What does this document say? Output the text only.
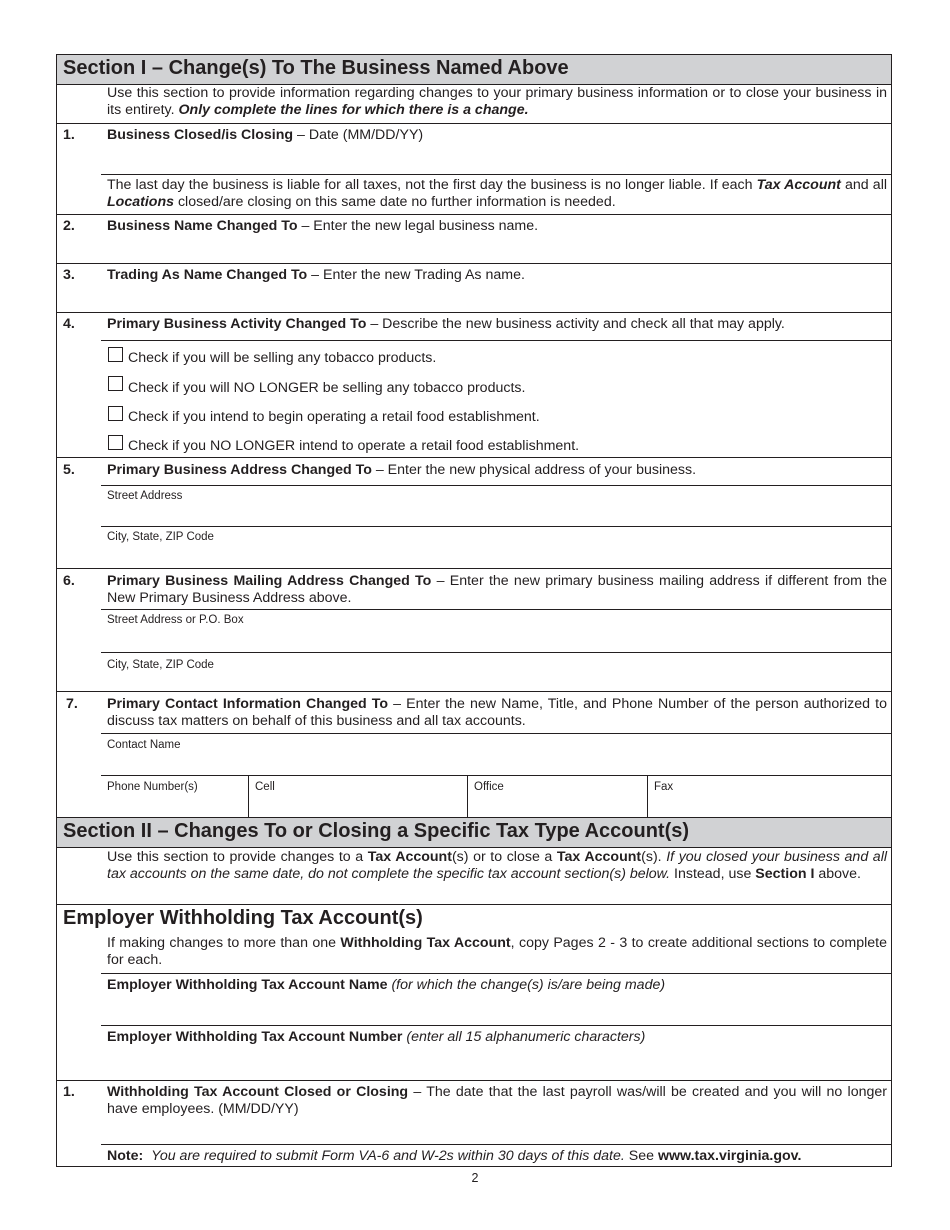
Section I – Change(s) To The Business Named Above
Use this section to provide information regarding changes to your primary business information or to close your business in its entirety. Only complete the lines for which there is a change.
1. Business Closed/is Closing – Date (MM/DD/YY)
The last day the business is liable for all taxes, not the first day the business is no longer liable. If each Tax Account and all Locations closed/are closing on this same date no further information is needed.
2. Business Name Changed To – Enter the new legal business name.
3. Trading As Name Changed To – Enter the new Trading As name.
4. Primary Business Activity Changed To – Describe the new business activity and check all that may apply.
Check if you will be selling any tobacco products.
Check if you will NO LONGER be selling any tobacco products.
Check if you intend to begin operating a retail food establishment.
Check if you NO LONGER intend to operate a retail food establishment.
5. Primary Business Address Changed To – Enter the new physical address of your business.
Street Address
City, State, ZIP Code
6. Primary Business Mailing Address Changed To – Enter the new primary business mailing address if different from the New Primary Business Address above.
Street Address or P.O. Box
City, State, ZIP Code
7. Primary Contact Information Changed To – Enter the new Name, Title, and Phone Number of the person authorized to discuss tax matters on behalf of this business and all tax accounts.
Contact Name
Phone Number(s)	Cell	Office	Fax
Section II – Changes To or Closing a Specific Tax Type Account(s)
Use this section to provide changes to a Tax Account(s) or to close a Tax Account(s). If you closed your business and all tax accounts on the same date, do not complete the specific tax account section(s) below. Instead, use Section I above.
Employer Withholding Tax Account(s)
If making changes to more than one Withholding Tax Account, copy Pages 2 - 3 to create additional sections to complete for each.
Employer Withholding Tax Account Name (for which the change(s) is/are being made)
Employer Withholding Tax Account Number (enter all 15 alphanumeric characters)
1. Withholding Tax Account Closed or Closing – The date that the last payroll was/will be created and you will no longer have employees. (MM/DD/YY)
Note: You are required to submit Form VA-6 and W-2s within 30 days of this date. See www.tax.virginia.gov.
2
